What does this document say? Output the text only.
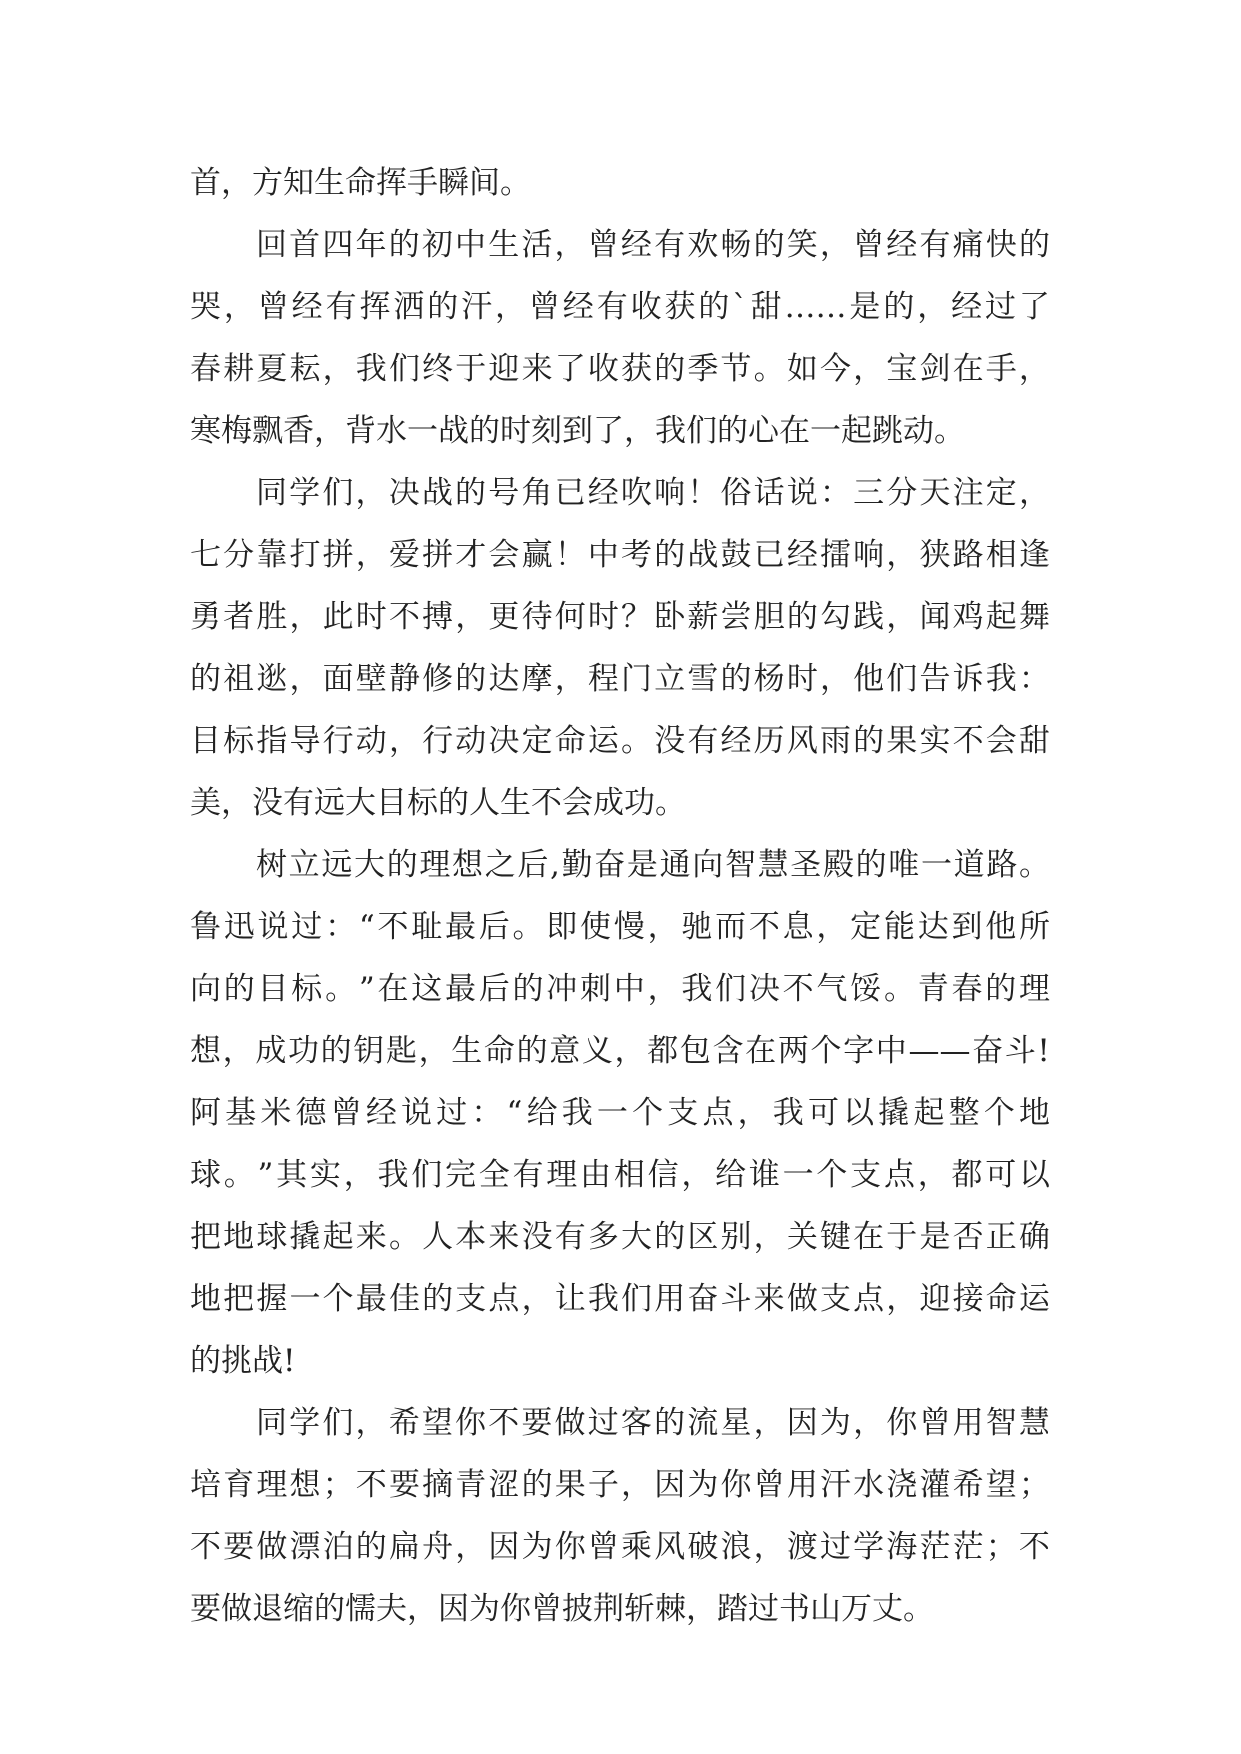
首，方知生命挥手瞬间。
回 首 四 年 的 初 中 生 活 ， 曾 经 有 欢 畅 的 笑 ， 曾 经 有 痛 快 的
哭 ， 曾 经 有 挥 洒 的 汗 ， 曾 经 有 收 获 的 ` 甜 …… 是 的 ， 经 过 了
春 耕 夏 耘 ， 我 们 终 于 迎 来 了 收 获 的 季 节 。 如 今 ， 宝 剑 在 手 ，
寒梅飘香，背水一战的时刻到了，我们的心在一起跳动。
同 学 们 ， 决 战 的 号 角 已 经 吹 响 ！ 俗 话 说 ： 三 分 天 注 定 ，
七 分 靠 打 拼 ， 爱 拼 才 会 赢 ！ 中 考 的 战 鼓 已 经 擂 响 ， 狭 路 相 逢
勇 者 胜 ， 此 时 不 搏 ， 更 待 何 时 ？ 卧 薪 尝 胆 的 勾 践 ， 闻 鸡 起 舞
的 祖 逖 ， 面 壁 静 修 的 达 摩 ， 程 门 立 雪 的 杨 时 ， 他 们 告 诉 我 ：
目 标 指 导 行 动 ， 行 动 决 定 命 运 。 没 有 经 历 风 雨 的 果 实 不 会 甜
美，没有远大目标的人生不会成功。
树 立 远 大 的 理 想 之 后 , 勤 奋 是 通 向 智 慧 圣 殿 的 唯 一 道 路 。
鲁 迅 说 过 ： “ 不 耻 最 后 。 即 使 慢 ， 驰 而 不 息 ， 定 能 达 到 他 所
向 的 目 标 。 ” 在 这 最 后 的 冲 刺 中 ， 我 们 决 不 气 馁 。 青 春 的 理
想 ， 成 功 的 钥 匙 ， 生 命 的 意 义 ， 都 包 含 在 两 个 字 中 —— 奋 斗 !
阿 基 米 德 曾 经 说 过 ： “ 给 我 一 个 支 点 ， 我 可 以 撬 起 整 个 地
球 。 ” 其 实 ， 我 们 完 全 有 理 由 相 信 ， 给 谁 一 个 支 点 ， 都 可 以
把 地 球 撬 起 来 。 人 本 来 没 有 多 大 的 区 别 ， 关 键 在 于 是 否 正 确
地 把 握 一 个 最 佳 的 支 点 ， 让 我 们 用 奋 斗 来 做 支 点 ， 迎 接 命 运
的挑战!
同 学 们 ， 希 望 你 不 要 做 过 客 的 流 星 ， 因 为 ， 你 曾 用 智 慧
培 育 理 想 ； 不 要 摘 青 涩 的 果 子 ， 因 为 你 曾 用 汗 水 浇 灌 希 望 ；
不 要 做 漂 泊 的 扁 舟 ， 因 为 你 曾 乘 风 破 浪 ， 渡 过 学 海 茫 茫 ； 不
要做退缩的懦夫，因为你曾披荆斩棘，踏过书山万丈。
